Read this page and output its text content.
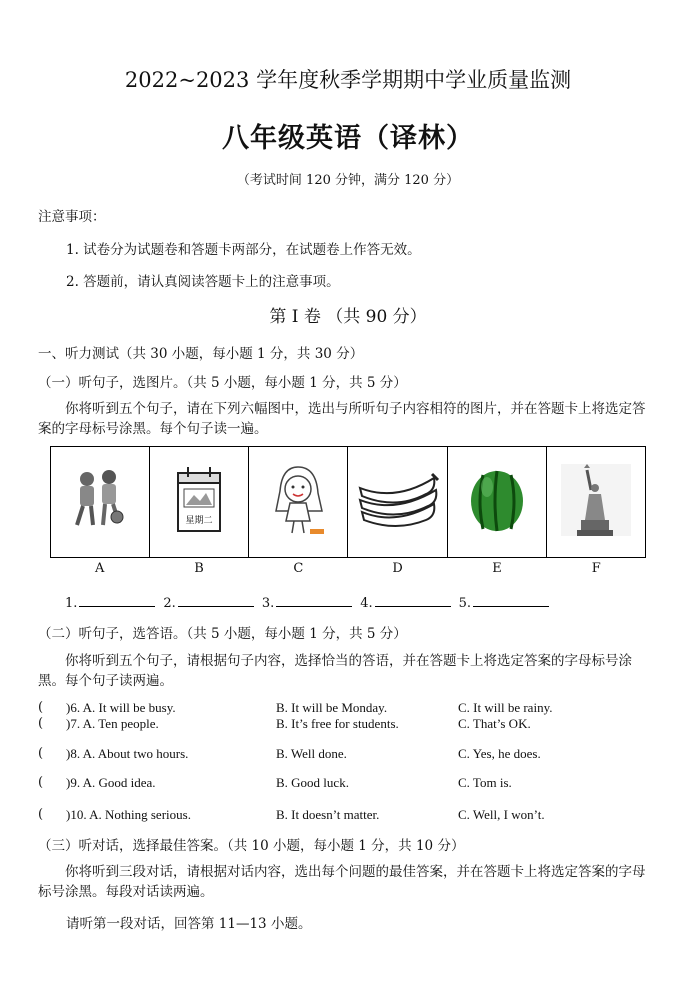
2022~2023 学年度秋季学期期中学业质量监测
八年级英语（译林）
（考试时间 120 分钟，满分 120 分）
注意事项：
1. 试卷分为试题卷和答题卡两部分，在试题卷上作答无效。
2. 答题前，请认真阅读答题卡上的注意事项。
第 I 卷 （共 90 分）
一、听力测试（共 30 小题，每小题 1 分，共 30 分）
（一）听句子，选图片。（共 5 小题，每小题 1 分，共 5 分）
你将听到五个句子，请在下列六幅图中，选出与所听句子内容相符的图片，并在答题卡上将选定答案的字母标号涂黑。每个句子读一遍。

星期二

A	B	C	D	E	F
1.	2.	3.	4.	5.
（二）听句子，选答语。（共 5 小题，每小题 1 分，共 5 分）
你将听到五个句子，请根据句子内容，选择恰当的答语，并在答题卡上将选定答案的字母标号涂黑。每个句子读两遍。
( )6. A. It will be busy.	B. It will be Monday.	C. It will be rainy.
( )7. A. Ten people.	B. It’s free for students.	C. That’s OK.
( )8. A. About two hours.	B. Well done.	C. Yes, he does.
( )9. A. Good idea.	B. Good luck.	C. Tom is.
( )10. A. Nothing serious.	B. It doesn’t matter.	C. Well, I won’t.
（三）听对话，选择最佳答案。（共 10 小题，每小题 1 分，共 10 分）
你将听到三段对话，请根据对话内容，选出每个问题的最佳答案，并在答题卡上将选定答案的字母标号涂黑。每段对话读两遍。
请听第一段对话，回答第 11—13 小题。
